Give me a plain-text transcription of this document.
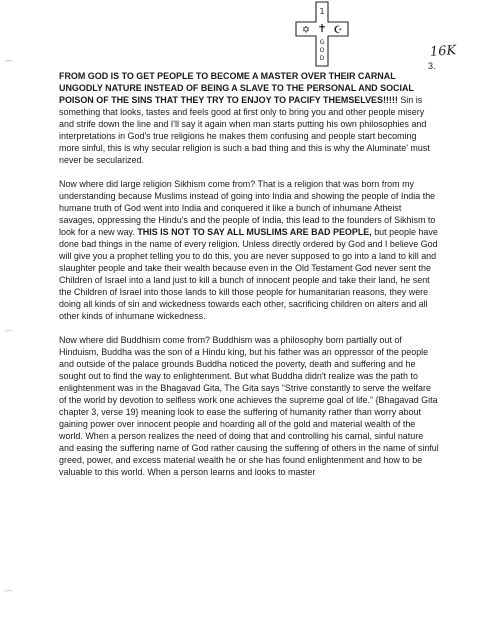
1
✝
✡ ☪
G
O
D	16K
3.

FROM GOD IS TO GET PEOPLE TO BECOME A MASTER OVER THEIR CARNAL UNGODLY NATURE INSTEAD OF BEING A SLAVE TO THE PERSONAL AND SOCIAL POISON OF THE SINS THAT THEY TRY TO ENJOY TO PACIFY THEMSELVES!!!!! Sin is something that looks, tastes and feels good at first only to bring you and other people misery and strife down the line and I'll say it again when man starts putting his own philosophies and interpretations in God's true religions he makes them confusing and people start becoming more sinful, this is why secular religion is such a bad thing and this is why the Aluminate' must never be secularized.

Now where did large religion Sikhism come from? That is a religion that was born from my understanding because Muslims instead of going into India and showing the people of India the humane truth of God went into India and conquered it like a bunch of inhumane Atheist savages, oppressing the Hindu's and the people of India, this lead to the founders of Sikhism to look for a new way. THIS IS NOT TO SAY ALL MUSLIMS ARE BAD PEOPLE, but people have done bad things in the name of every religion. Unless directly ordered by God and I believe God will give you a prophet telling you to do this, you are never supposed to go into a land to kill and slaughter people and take their wealth because even in the Old Testament God never sent the Children of Israel into a land just to kill a bunch of innocent people and take their land, he sent the Children of Israel into those lands to kill those people for humanitarian reasons, they were doing all kinds of sin and wickedness towards each other, sacrificing children on alters and all other kinds of inhumane wickedness.

Now where did Buddhism come from? Buddhism was a philosophy born partially out of Hinduism, Buddha was the son of a Hindu king, but his father was an oppressor of the people and outside of the palace grounds Buddha noticed the poverty, death and suffering and he sought out to find the way to enlightenment. But what Buddha didn't realize was the path to enlightenment was in the Bhagavad Gita, The Gita says “Strive constantly to serve the welfare of the world by devotion to selfless work one achieves the supreme goal of life.” {Bhagavad Gita chapter 3, verse 19} meaning look to ease the suffering of humanity rather than worry about gaining power over innocent people and hoarding all of the gold and material wealth of the world. When a person realizes the need of doing that and controlling his carnal, sinful nature and easing the suffering name of God rather causing the suffering of others in the name of sinful greed, power, and excess material wealth he or she has found enlightenment and how to be valuable to this world. When a person learns and looks to master
